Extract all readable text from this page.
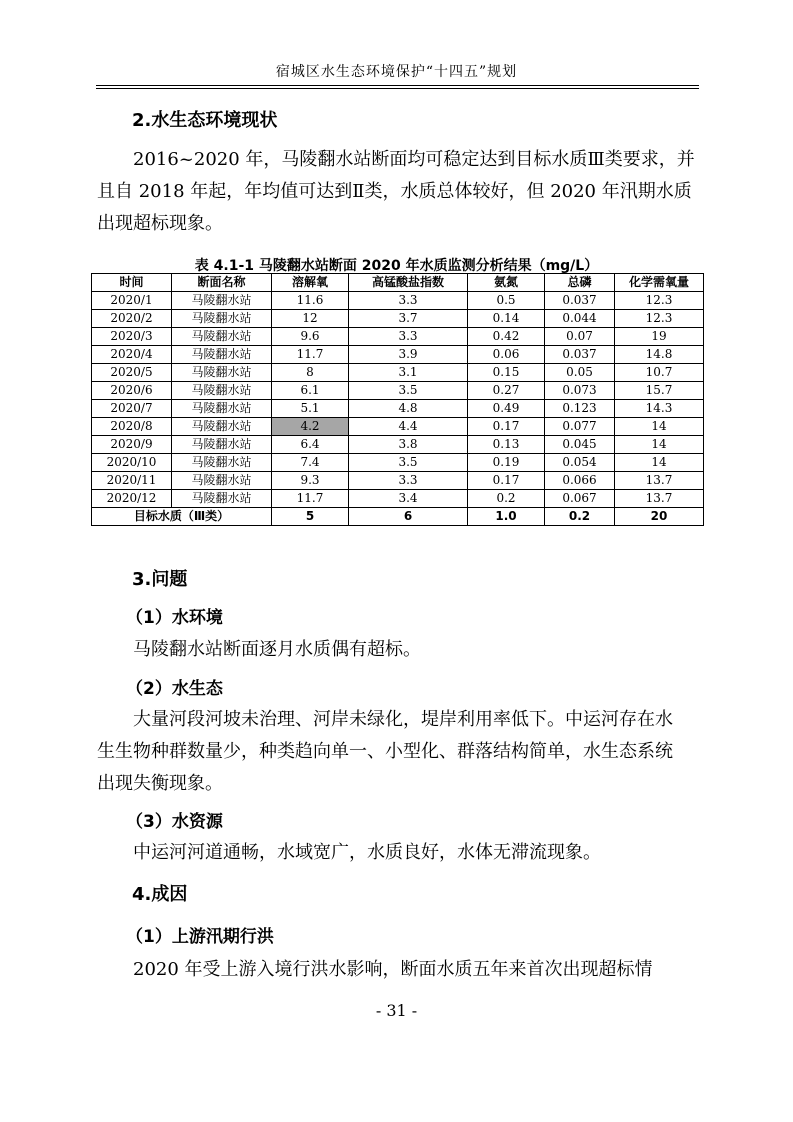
宿城区水生态环境保护“十四五”规划
2.水生态环境现状
2016~2020 年，马陵翻水站断面均可稳定达到目标水质Ⅲ类要求，并
且自 2018 年起，年均值可达到Ⅱ类，水质总体较好，但 2020 年汛期水质
出现超标现象。
表 4.1-1 马陵翻水站断面 2020 年水质监测分析结果（mg/L）
时间	断面名称	溶解氧	高锰酸盐指数	氨氮	总磷	化学需氧量
2020/1	马陵翻水站	11.6	3.3	0.5	0.037	12.3
2020/2	马陵翻水站	12	3.7	0.14	0.044	12.3
2020/3	马陵翻水站	9.6	3.3	0.42	0.07	19
2020/4	马陵翻水站	11.7	3.9	0.06	0.037	14.8
2020/5	马陵翻水站	8	3.1	0.15	0.05	10.7
2020/6	马陵翻水站	6.1	3.5	0.27	0.073	15.7
2020/7	马陵翻水站	5.1	4.8	0.49	0.123	14.3
2020/8	马陵翻水站	4.2	4.4	0.17	0.077	14
2020/9	马陵翻水站	6.4	3.8	0.13	0.045	14
2020/10	马陵翻水站	7.4	3.5	0.19	0.054	14
2020/11	马陵翻水站	9.3	3.3	0.17	0.066	13.7
2020/12	马陵翻水站	11.7	3.4	0.2	0.067	13.7
目标水质（Ⅲ类）		5	6	1.0	0.2	20
3.问题
（1）水环境
马陵翻水站断面逐月水质偶有超标。
（2）水生态
大量河段河坡未治理、河岸未绿化，堤岸利用率低下。中运河存在水
生生物种群数量少，种类趋向单一、小型化、群落结构简单，水生态系统
出现失衡现象。
（3）水资源
中运河河道通畅，水域宽广，水质良好，水体无滞流现象。
4.成因
（1）上游汛期行洪
2020 年受上游入境行洪水影响，断面水质五年来首次出现超标情
- 31 -
